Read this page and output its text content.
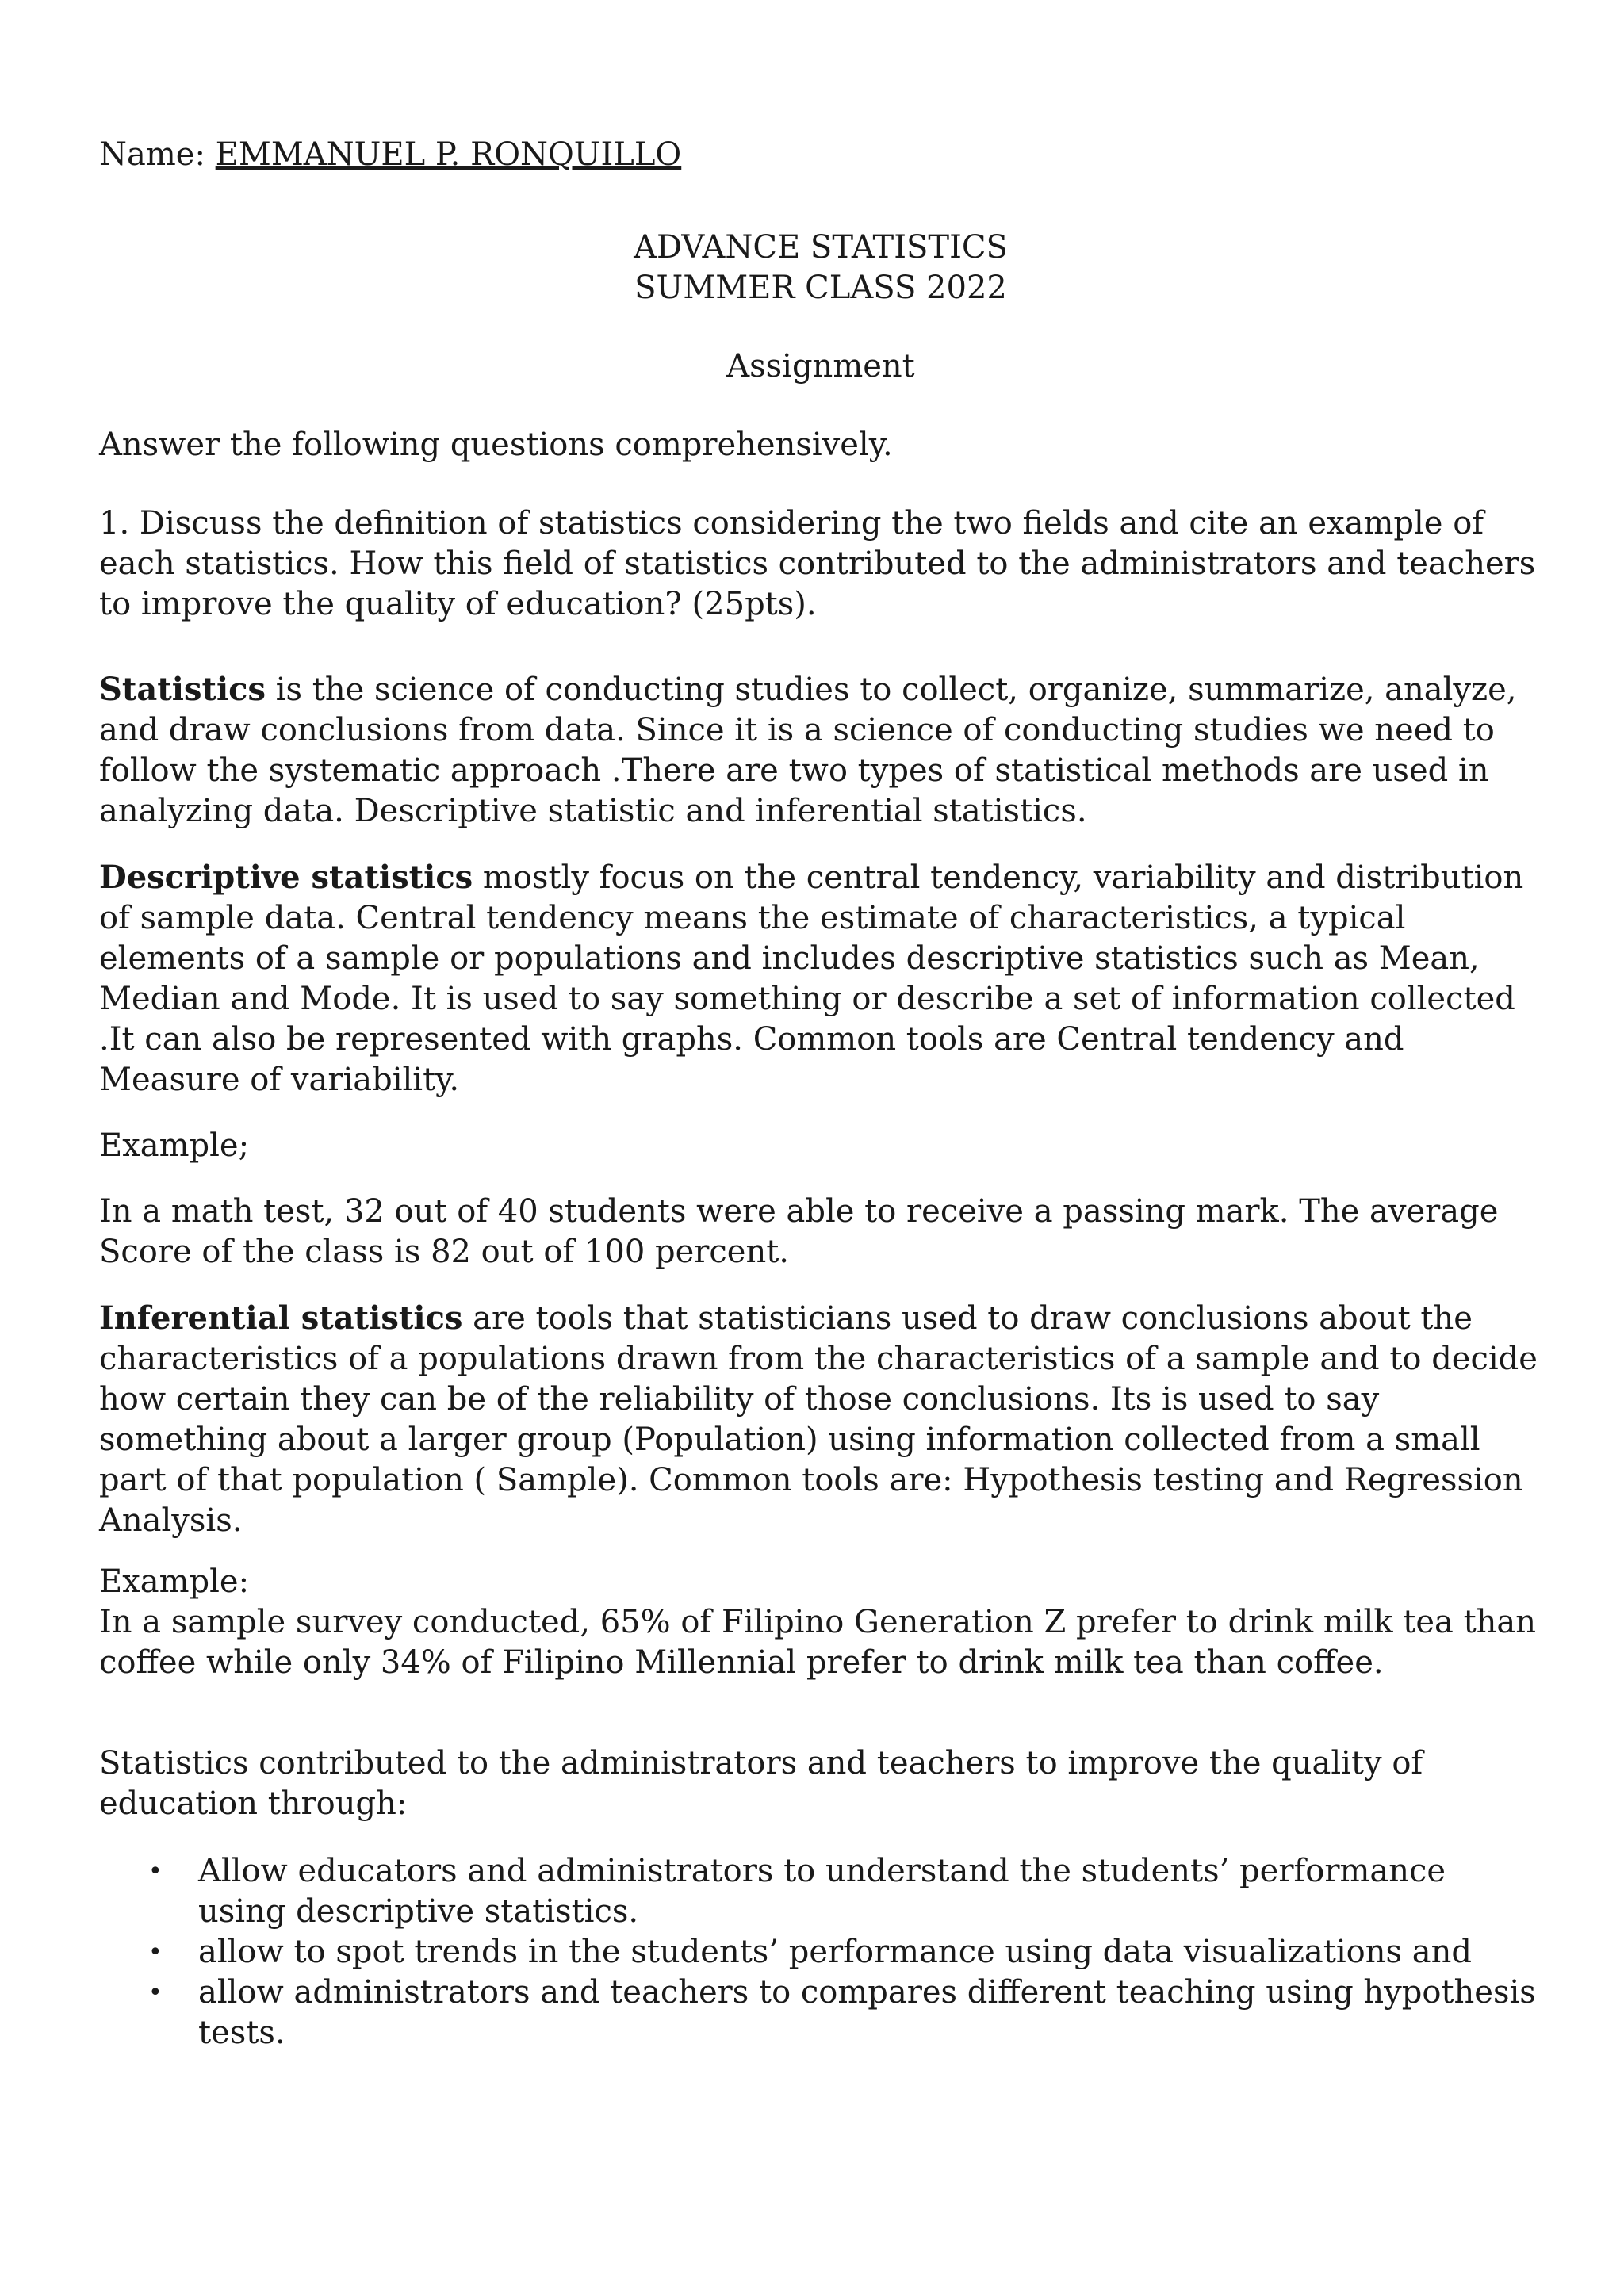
Name: EMMANUEL P. RONQUILLO

ADVANCE STATISTICS

SUMMER CLASS 2022

Assignment

Answer the following questions comprehensively.

1. Discuss the definition of statistics considering the two fields and cite an example of each statistics. How this field of statistics contributed to the administrators and teachers to improve the quality of education? (25pts).

Statistics is the science of conducting studies to collect, organize, summarize, analyze, and draw conclusions from data. Since it is a science of conducting studies we need to follow the systematic approach .There are two types of statistical methods are used in analyzing data. Descriptive statistic and inferential statistics.

Descriptive statistics mostly focus on the central tendency, variability and distribution of sample data. Central tendency means the estimate of characteristics, a typical elements of a sample or populations and includes descriptive statistics such as Mean, Median and Mode. It is used to say something or describe a set of information collected .It can also be represented with graphs. Common tools are Central tendency and Measure of variability.

Example;

In a math test, 32 out of 40 students were able to receive a passing mark. The average Score of the class is 82 out of 100 percent.

Inferential statistics are tools that statisticians used to draw conclusions about the characteristics of a populations drawn from the characteristics of a sample and to decide how certain they can be of the reliability of those conclusions. Its is used to say something about a larger group (Population) using information collected from a small part of that population ( Sample). Common tools are: Hypothesis testing and Regression Analysis.

Example:

In a sample survey conducted, 65% of Filipino Generation Z prefer to drink milk tea than coffee while only 34% of Filipino Millennial prefer to drink milk tea than coffee.

Statistics contributed to the administrators and teachers to improve the quality of education through:

• Allow educators and administrators to understand the students’ performance using descriptive statistics.
• allow to spot trends in the students’ performance using data visualizations and
• allow administrators and teachers to compares different teaching using hypothesis tests.
